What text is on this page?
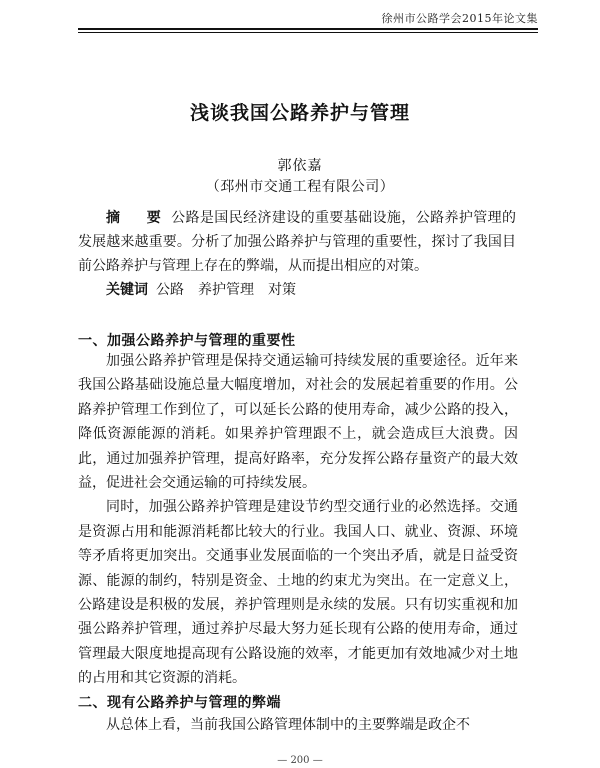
徐州市公路学会2015年论文集
浅谈我国公路养护与管理
郭依嘉
（邳州市交通工程有限公司）

摘　要 公路是国民经济建设的重要基础设施，公路养护管理的发展越来越重要。分析了加强公路养护与管理的重要性，探讨了我国目前公路养护与管理上存在的弊端，从而提出相应的对策。

关键词 公路 养护管理 对策

一、加强公路养护与管理的重要性

加强公路养护管理是保持交通运输可持续发展的重要途径。近年来我国公路基础设施总量大幅度增加，对社会的发展起着重要的作用。公路养护管理工作到位了，可以延长公路的使用寿命，减少公路的投入，降低资源能源的消耗。如果养护管理跟不上，就会造成巨大浪费。因此，通过加强养护管理，提高好路率，充分发挥公路存量资产的最大效益，促进社会交通运输的可持续发展。

同时，加强公路养护管理是建设节约型交通行业的必然选择。交通是资源占用和能源消耗都比较大的行业。我国人口、就业、资源、环境等矛盾将更加突出。交通事业发展面临的一个突出矛盾，就是日益受资源、能源的制约，特别是资金、土地的约束尤为突出。在一定意义上，公路建设是积极的发展，养护管理则是永续的发展。只有切实重视和加强公路养护管理，通过养护尽最大努力延长现有公路的使用寿命，通过管理最大限度地提高现有公路设施的效率，才能更加有效地减少对土地的占用和其它资源的消耗。

二、现有公路养护与管理的弊端

从总体上看，当前我国公路管理体制中的主要弊端是政企不

— 200 —
